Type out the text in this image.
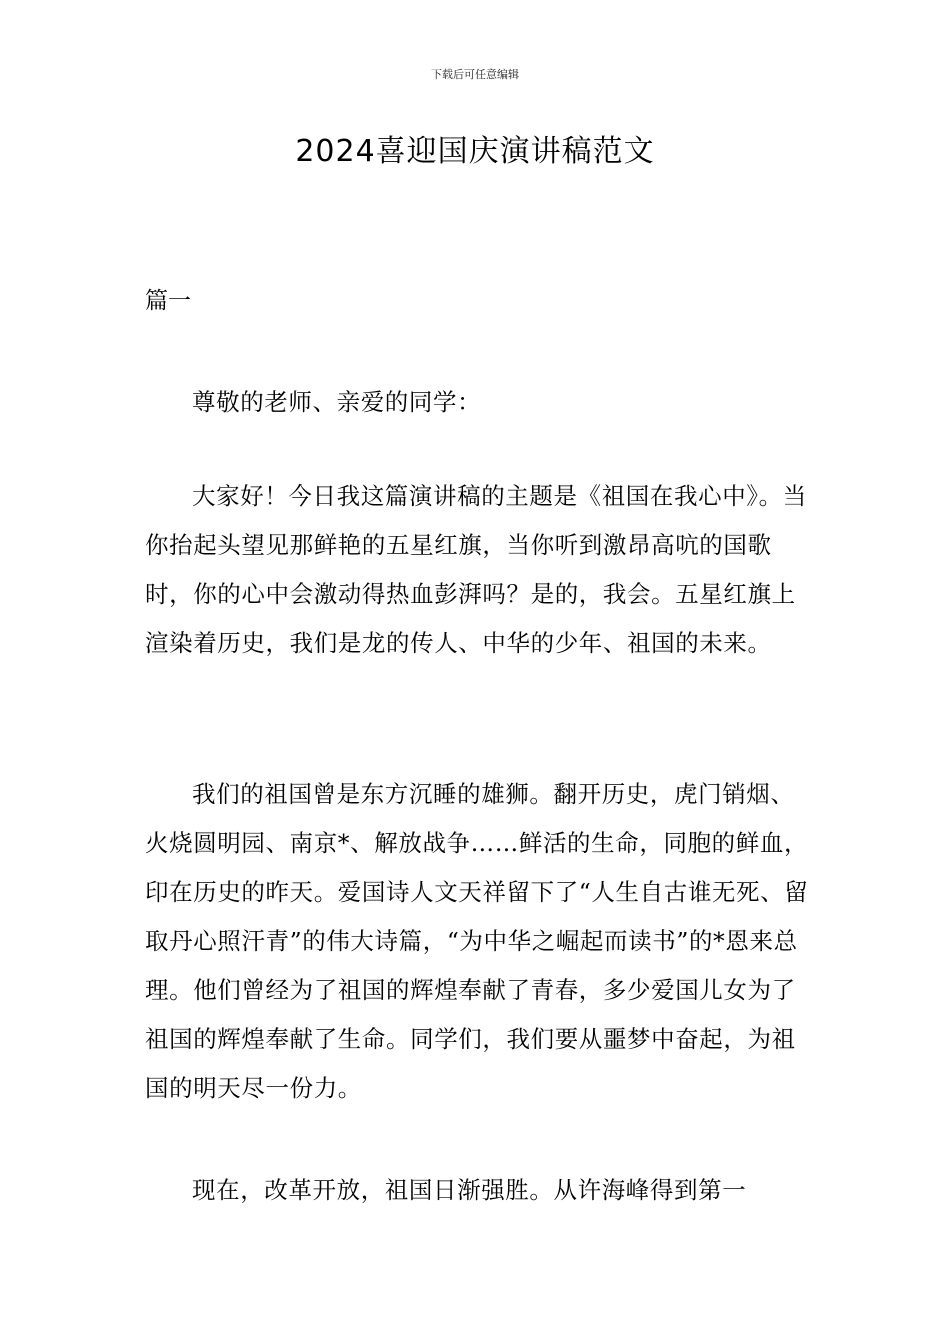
下载后可任意编辑
2024喜迎国庆演讲稿范文
篇一

尊敬的老师、亲爱的同学：

大家好！今日我这篇演讲稿的主题是《祖国在我心中》。当你抬起头望见那鲜艳的五星红旗，当你听到激昂高吭的国歌时，你的心中会激动得热血彭湃吗？是的，我会。五星红旗上渲染着历史，我们是龙的传人、中华的少年、祖国的未来。

我们的祖国曾是东方沉睡的雄狮。翻开历史，虎门销烟、火烧圆明园、南京*、解放战争……鲜活的生命，同胞的鲜血，印在历史的昨天。爱国诗人文天祥留下了“人生自古谁无死、留取丹心照汗青”的伟大诗篇，“为中华之崛起而读书”的*恩来总理。他们曾经为了祖国的辉煌奉献了青春，多少爱国儿女为了祖国的辉煌奉献了生命。同学们，我们要从噩梦中奋起，为祖国的明天尽一份力。

现在，改革开放，祖国日渐强胜。从许海峰得到第一
